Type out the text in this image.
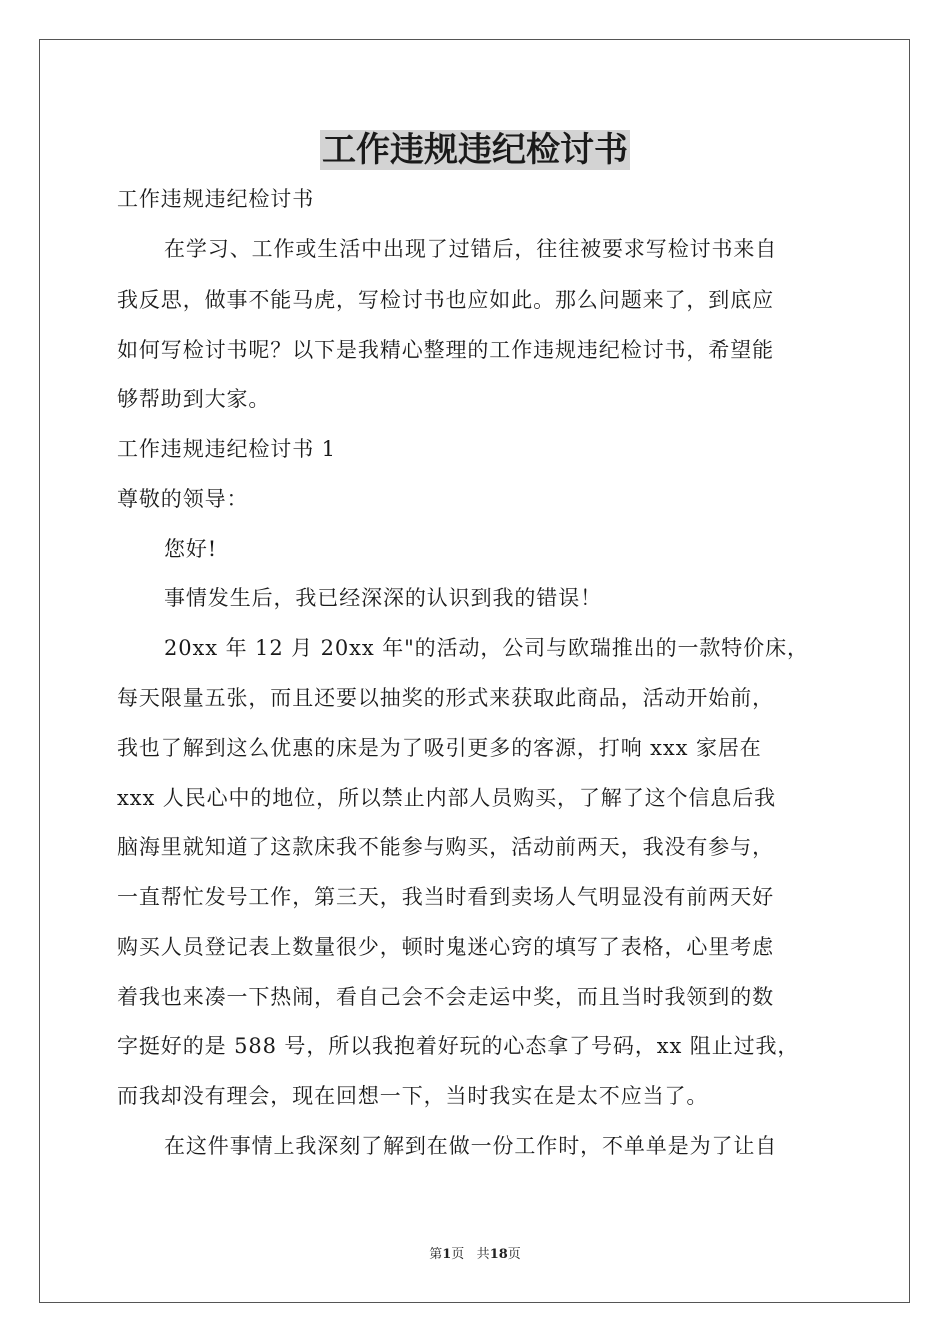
工作违规违纪检讨书

工作违规违纪检讨书

在学习、工作或生活中出现了过错后，往往被要求写检讨书来自

我反思，做事不能马虎，写检讨书也应如此。那么问题来了，到底应

如何写检讨书呢？以下是我精心整理的工作违规违纪检讨书，希望能

够帮助到大家。

工作违规违纪检讨书 1

尊敬的领导：

您好!

事情发生后，我已经深深的认识到我的错误！

20xx 年 12 月 20xx 年"的活动，公司与欧瑞推出的一款特价床，

每天限量五张，而且还要以抽奖的形式来获取此商品，活动开始前，

我也了解到这么优惠的床是为了吸引更多的客源，打响 xxx 家居在

xxx 人民心中的地位，所以禁止内部人员购买，了解了这个信息后我

脑海里就知道了这款床我不能参与购买，活动前两天，我没有参与，

一直帮忙发号工作，第三天，我当时看到卖场人气明显没有前两天好

购买人员登记表上数量很少，顿时鬼迷心窍的填写了表格，心里考虑

着我也来凑一下热闹，看自己会不会走运中奖，而且当时我领到的数

字挺好的是 588 号，所以我抱着好玩的心态拿了号码，xx 阻止过我，

而我却没有理会，现在回想一下，当时我实在是太不应当了。

在这件事情上我深刻了解到在做一份工作时，不单单是为了让自

第1页 共18页
